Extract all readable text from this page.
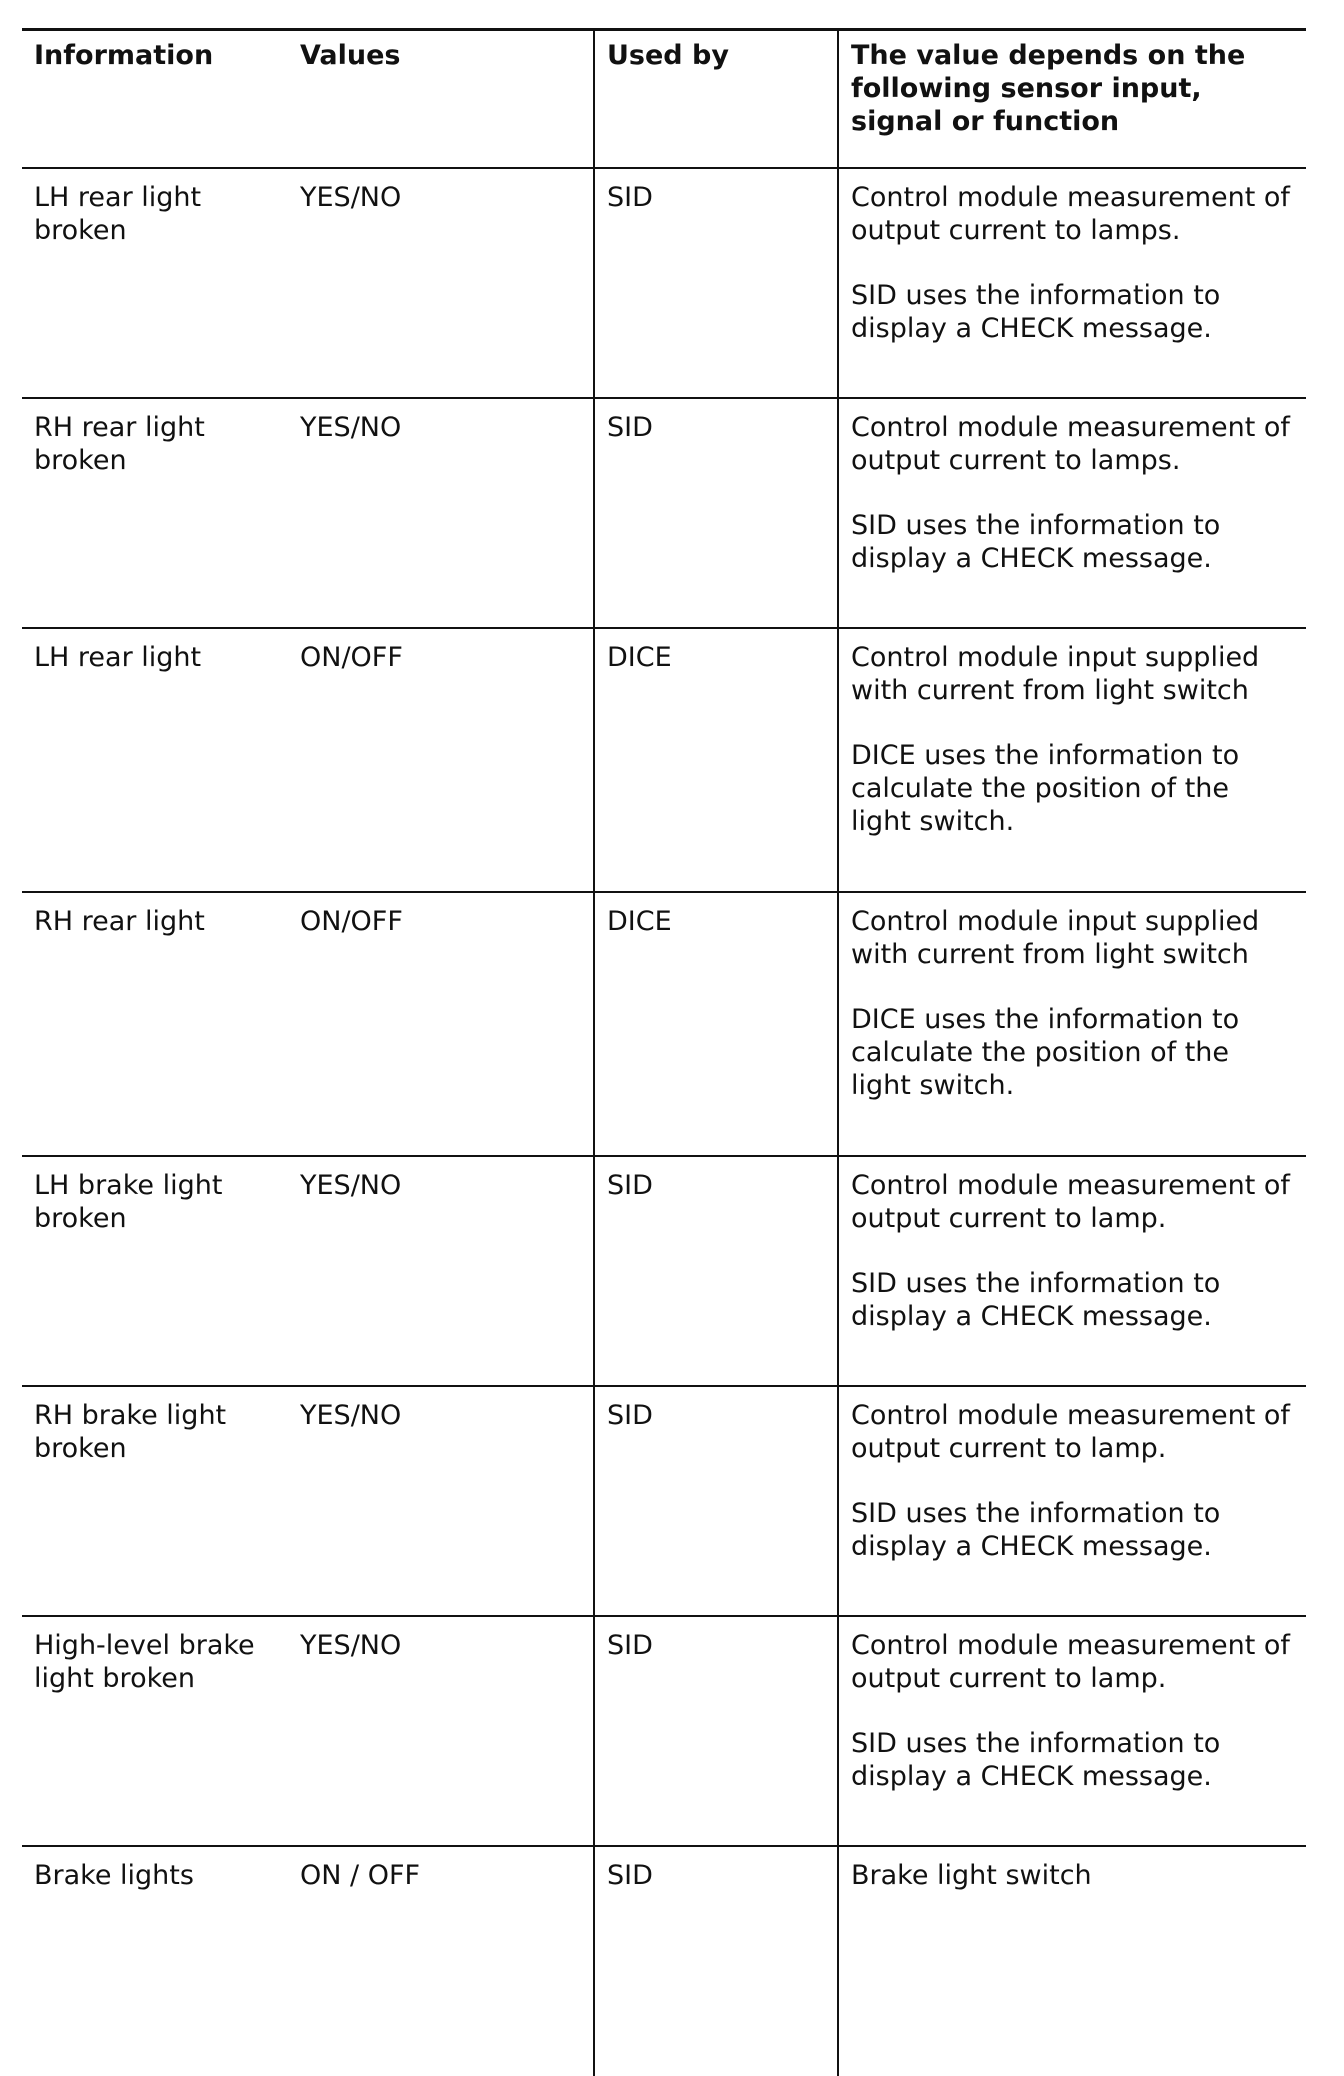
Information	Values	Used by	The value depends on the following sensor input, signal or function
LH rear light broken	YES/NO	SID	Control module measurement of output current to lamps.

SID uses the information to display a CHECK message.

RH rear light broken	YES/NO	SID	Control module measurement of output current to lamps.

SID uses the information to display a CHECK message.

LH rear light	ON/OFF	DICE	Control module input supplied with current from light switch

DICE uses the information to calculate the position of the light switch.

RH rear light	ON/OFF	DICE	Control module input supplied with current from light switch

DICE uses the information to calculate the position of the light switch.

LH brake light broken	YES/NO	SID	Control module measurement of output current to lamp.

SID uses the information to display a CHECK message.

RH brake light broken	YES/NO	SID	Control module measurement of output current to lamp.

SID uses the information to display a CHECK message.

High-level brake light broken	YES/NO	SID	Control module measurement of output current to lamp.

SID uses the information to display a CHECK message.

Brake lights	ON / OFF	SID	Brake light switch
